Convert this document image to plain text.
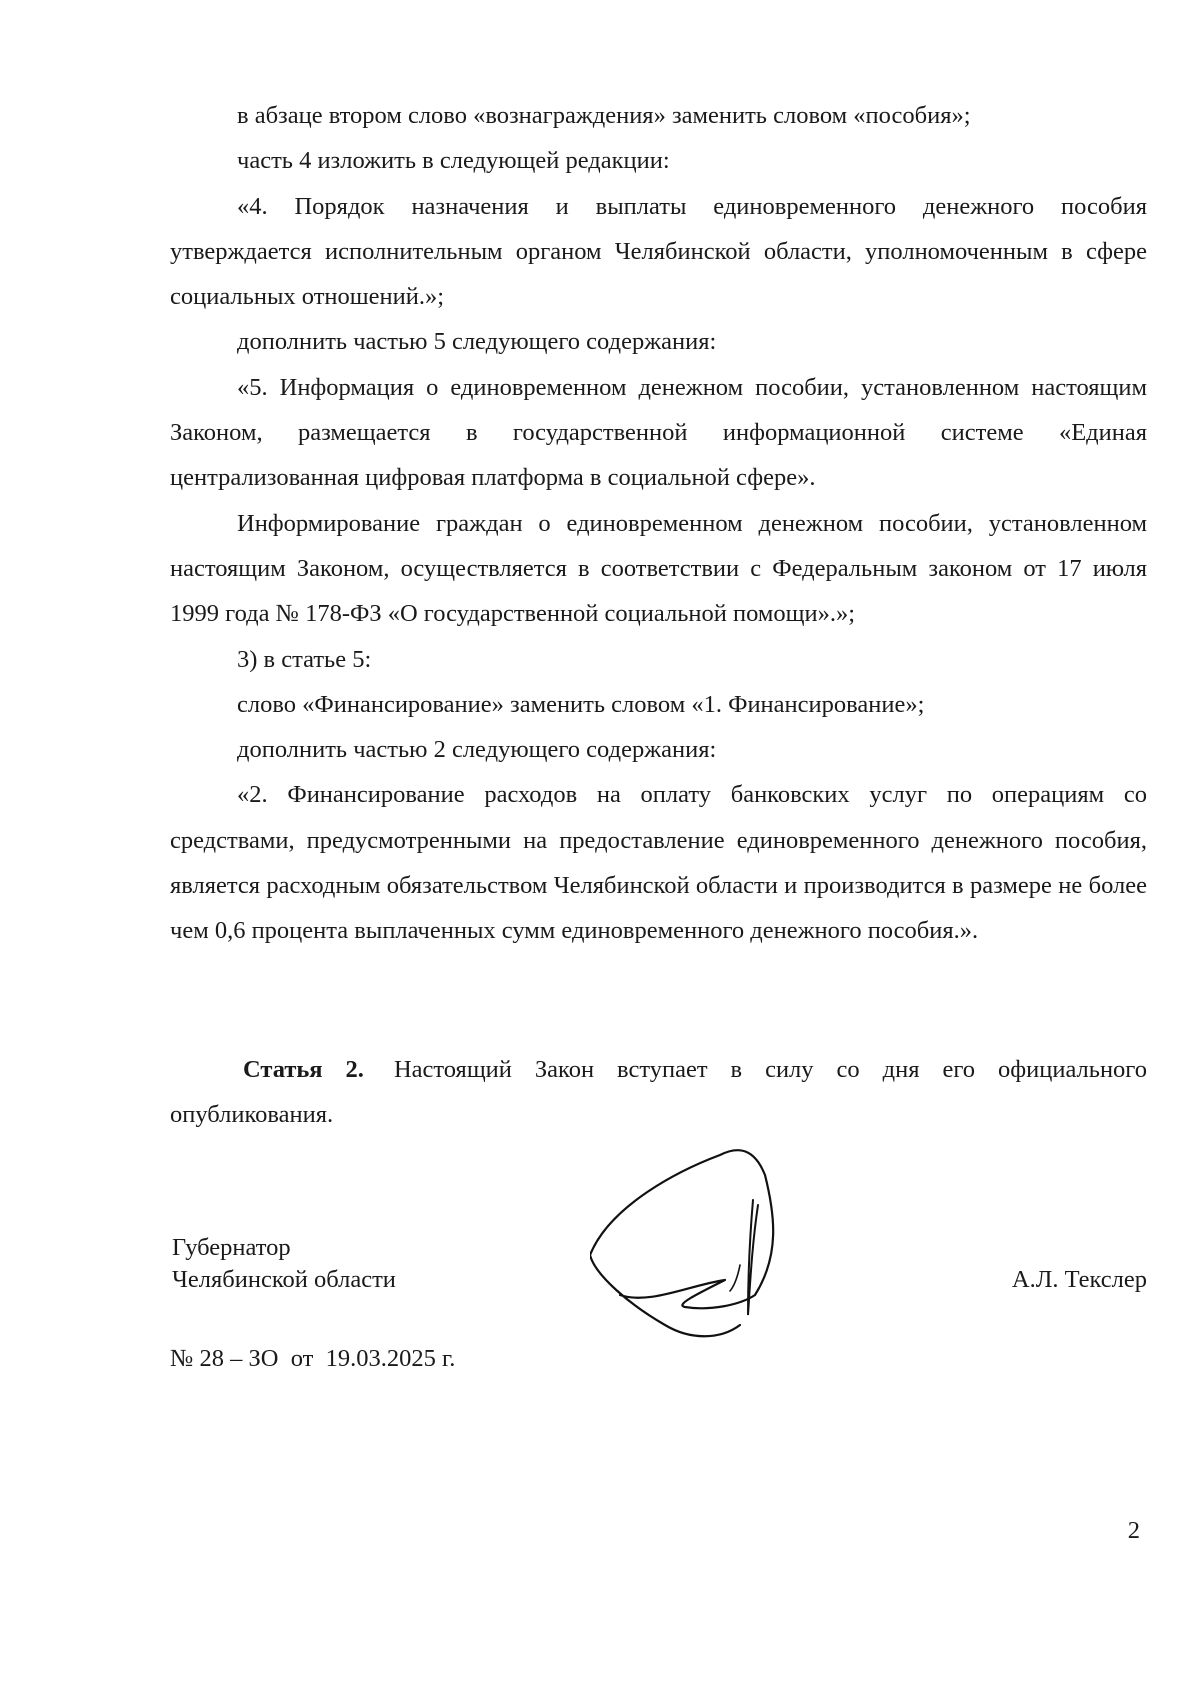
в абзаце втором слово «вознаграждения» заменить словом «пособия»;

часть 4 изложить в следующей редакции:

«4. Порядок назначения и выплаты единовременного денежного пособия утверждается исполнительным органом Челябинской области, уполномоченным в сфере социальных отношений.»;

дополнить частью 5 следующего содержания:

«5. Информация о единовременном денежном пособии, установленном настоящим Законом, размещается в государственной информационной системе «Единая централизованная цифровая платформа в социальной сфере».

Информирование граждан о единовременном денежном пособии, установленном настоящим Законом, осуществляется в соответствии с Федеральным законом от 17 июля 1999 года № 178-ФЗ «О государственной социальной помощи».»;

3) в статье 5:

слово «Финансирование» заменить словом «1. Финансирование»;

дополнить частью 2 следующего содержания:

«2. Финансирование расходов на оплату банковских услуг по операциям со средствами, предусмотренными на предоставление единовременного денежного пособия, является расходным обязательством Челябинской области и производится в размере не более чем 0,6 процента выплаченных сумм единовременного денежного пособия.».

Статья 2. Настоящий Закон вступает в силу со дня его официального опубликования.

Губернатор
Челябинской области	А.Л. Текслер
№ 28 – ЗО  от  19.03.2025 г.
2
